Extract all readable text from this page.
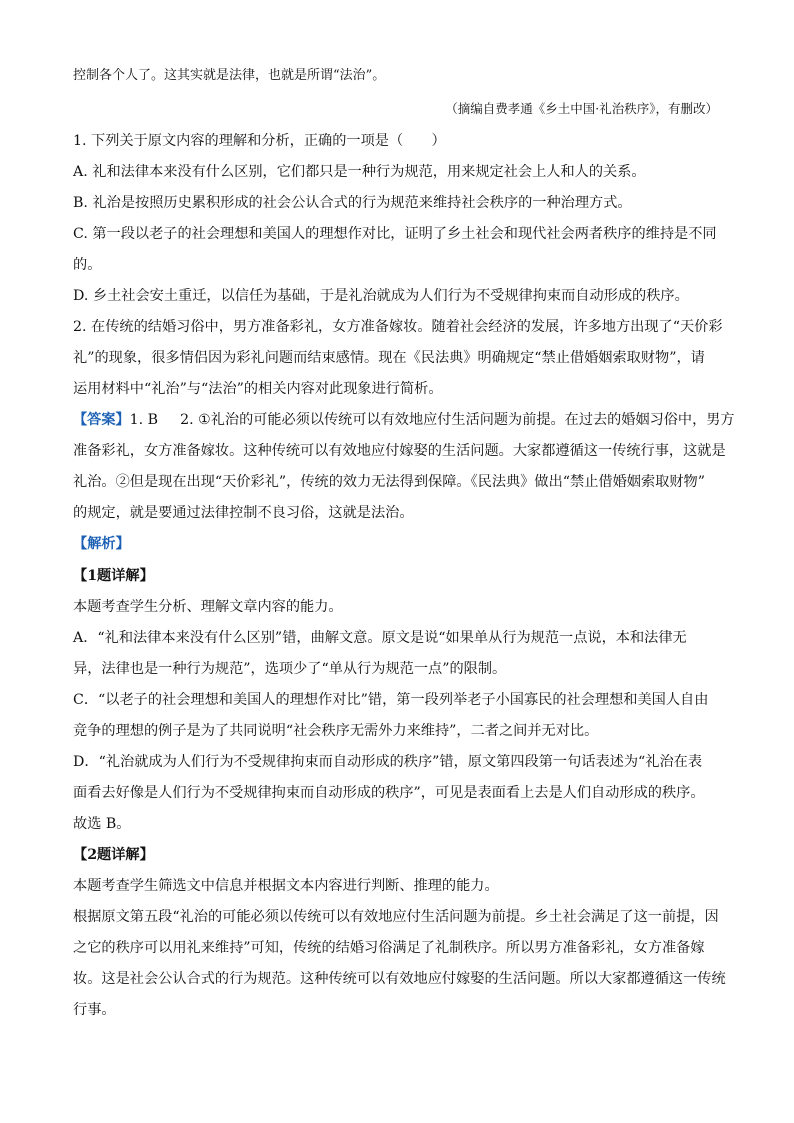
控制各个人了。这其实就是法律，也就是所谓“法治”。
（摘编自费孝通《乡土中国·礼治秩序》，有删改）
1. 下列关于原文内容的理解和分析，正确的一项是（　　）
A. 礼和法律本来没有什么区别，它们都只是一种行为规范，用来规定社会上人和人的关系。
B. 礼治是按照历史累积形成的社会公认合式的行为规范来维持社会秩序的一种治理方式。
C. 第一段以老子的社会理想和美国人的理想作对比，证明了乡土社会和现代社会两者秩序的维持是不同
的。
D. 乡土社会安土重迁，以信任为基础，于是礼治就成为人们行为不受规律拘束而自动形成的秩序。
2. 在传统的结婚习俗中，男方准备彩礼，女方准备嫁妆。随着社会经济的发展，许多地方出现了“天价彩
礼”的现象，很多情侣因为彩礼问题而结束感情。现在《民法典》明确规定“禁止借婚姻索取财物”，请
运用材料中“礼治”与“法治”的相关内容对此现象进行简析。
【答案】1. B 2. ①礼治的可能必须以传统可以有效地应付生活问题为前提。在过去的婚姻习俗中，男方
准备彩礼，女方准备嫁妆。这种传统可以有效地应付嫁娶的生活问题。大家都遵循这一传统行事，这就是
礼治。②但是现在出现“天价彩礼”，传统的效力无法得到保障。《民法典》做出“禁止借婚姻索取财物”
的规定，就是要通过法律控制不良习俗，这就是法治。
【解析】
【1题详解】
本题考查学生分析、理解文章内容的能力。
A．“礼和法律本来没有什么区别”错，曲解文意。原文是说“如果单从行为规范一点说，本和法律无
异，法律也是一种行为规范”，选项少了“单从行为规范一点”的限制。
C．“以老子的社会理想和美国人的理想作对比”错，第一段列举老子小国寡民的社会理想和美国人自由
竞争的理想的例子是为了共同说明“社会秩序无需外力来维持”，二者之间并无对比。
D．“礼治就成为人们行为不受规律拘束而自动形成的秩序”错，原文第四段第一句话表述为“礼治在表
面看去好像是人们行为不受规律拘束而自动形成的秩序”，可见是表面看上去是人们自动形成的秩序。
故选 B。
【2题详解】
本题考查学生筛选文中信息并根据文本内容进行判断、推理的能力。
根据原文第五段“礼治的可能必须以传统可以有效地应付生活问题为前提。乡土社会满足了这一前提，因
之它的秩序可以用礼来维持”可知，传统的结婚习俗满足了礼制秩序。所以男方准备彩礼，女方准备嫁
妆。这是社会公认合式的行为规范。这种传统可以有效地应付嫁娶的生活问题。所以大家都遵循这一传统
行事。
